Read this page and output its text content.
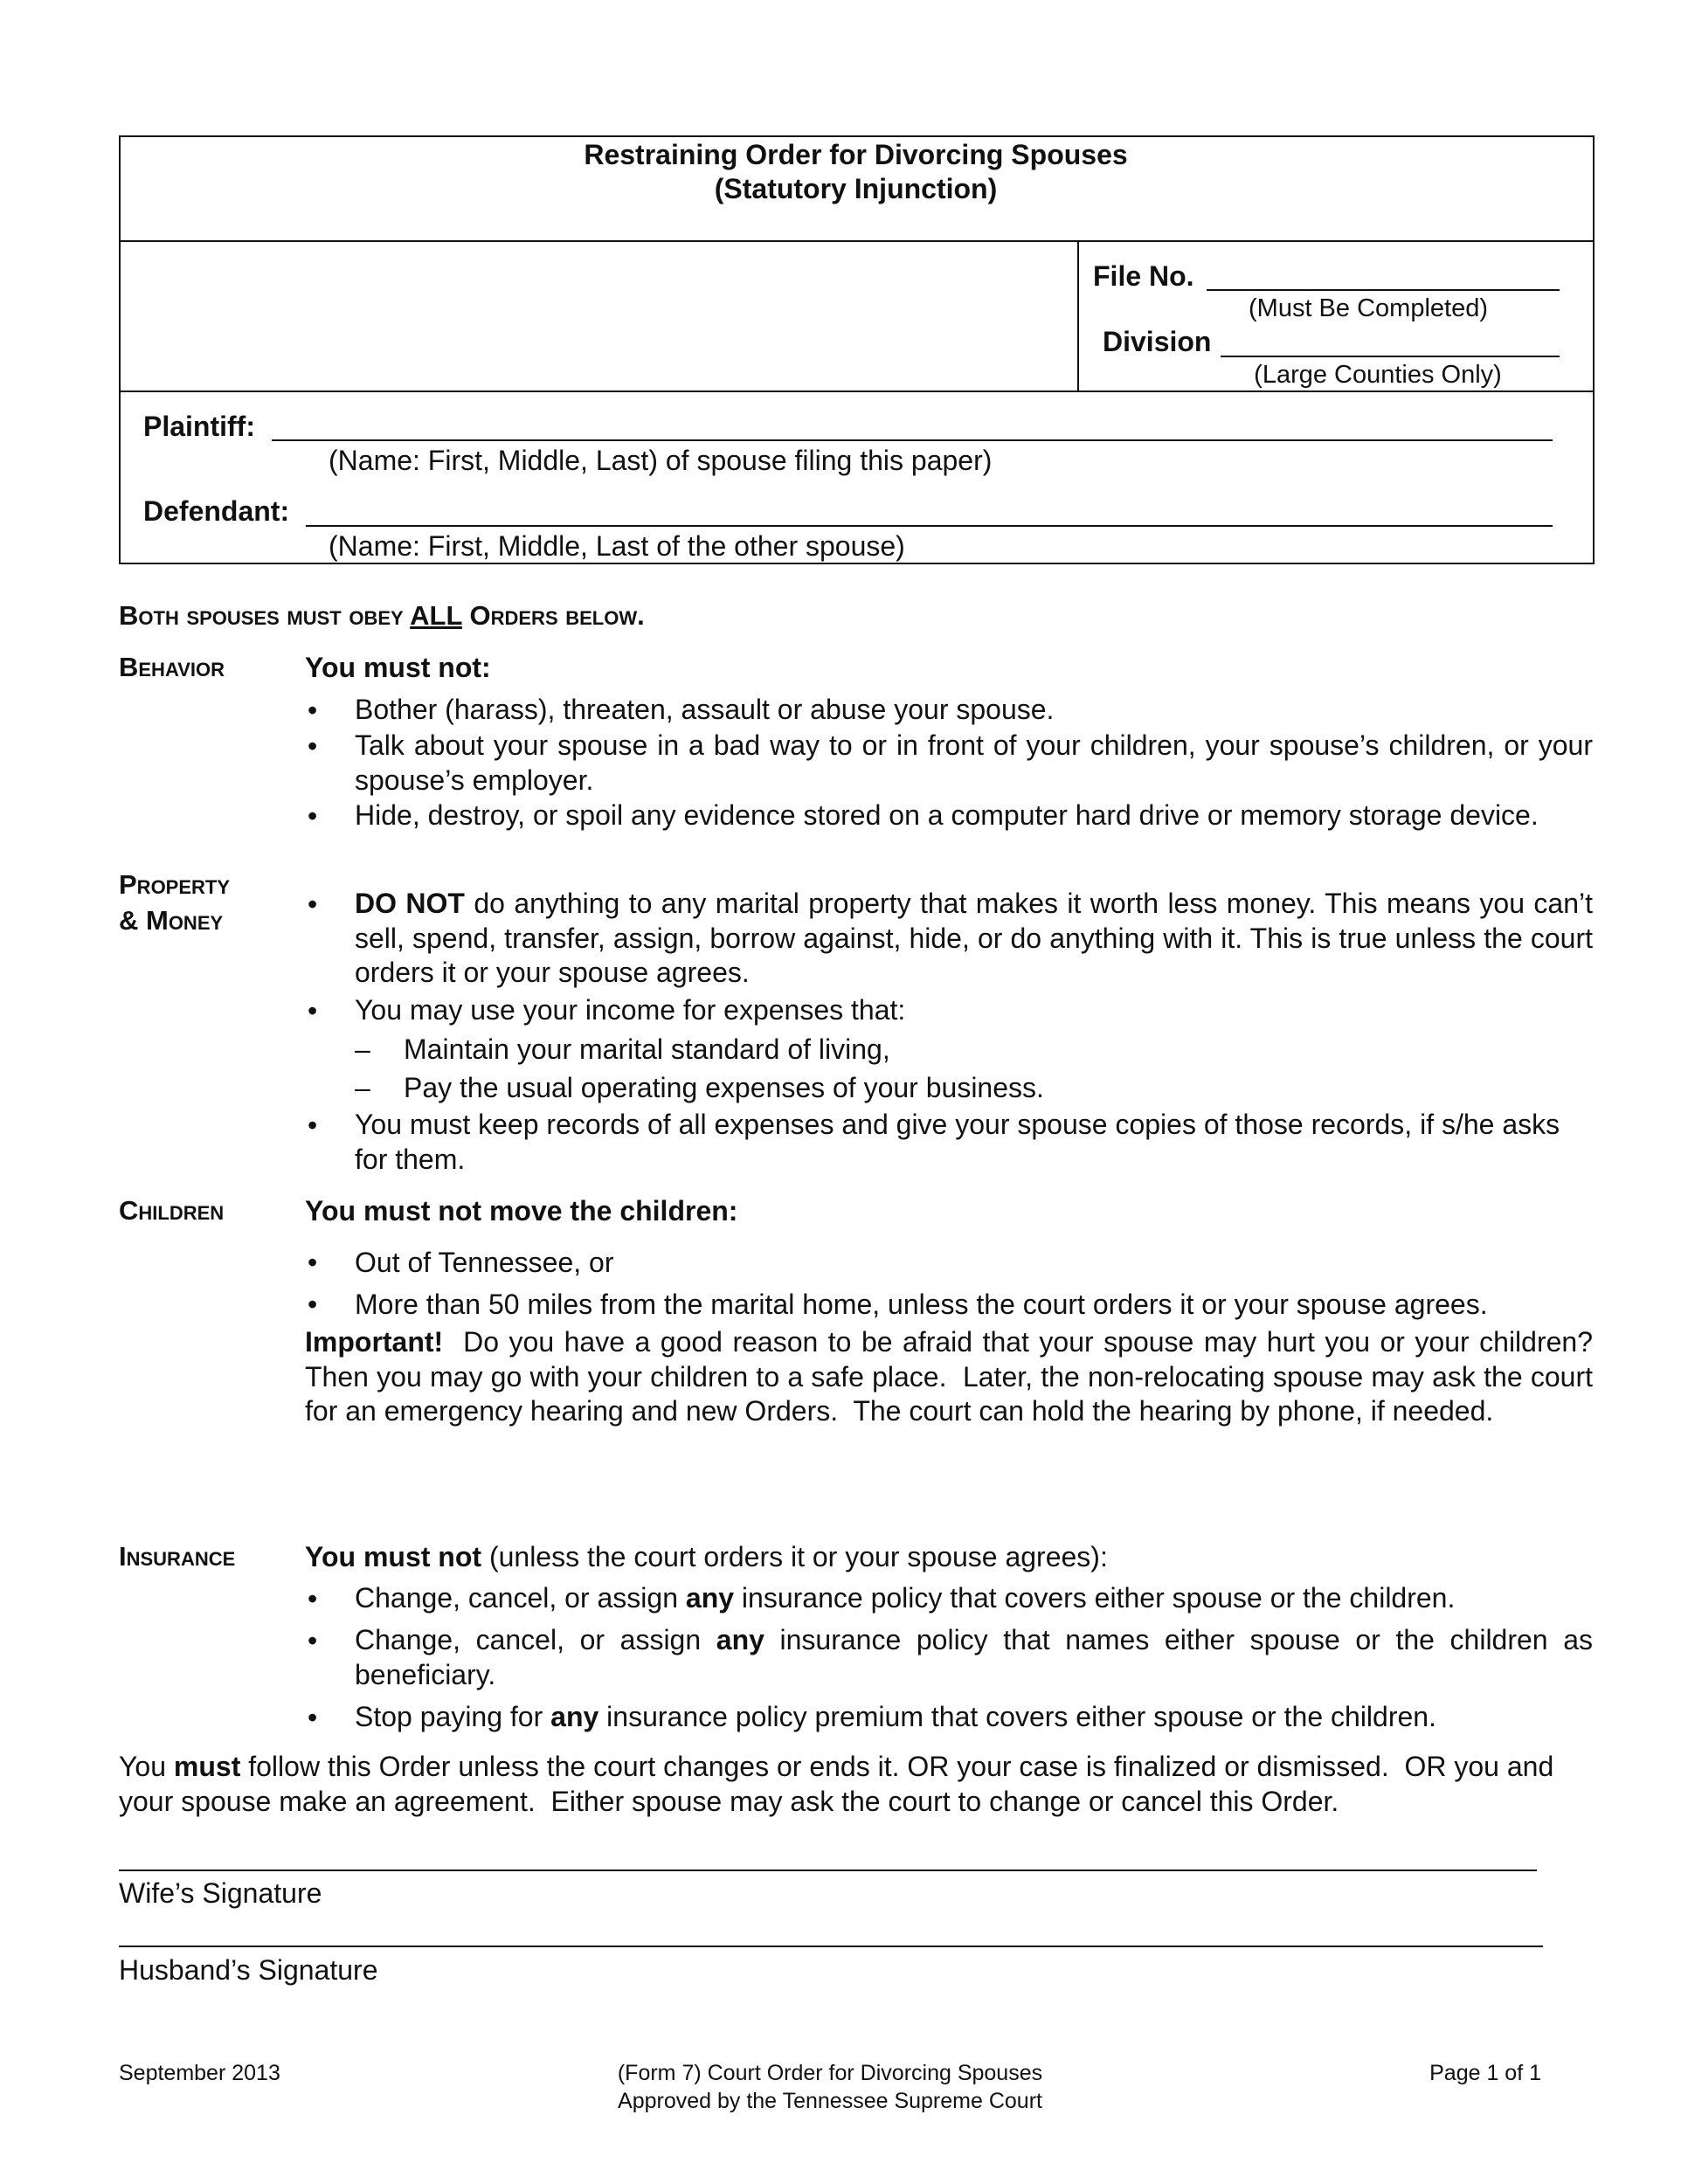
Restraining Order for Divorcing Spouses
(Statutory Injunction)
File No.
(Must Be Completed)
Division
(Large Counties Only)
Plaintiff:
(Name: First, Middle, Last) of spouse filing this paper)
Defendant:
(Name: First, Middle, Last of the other spouse)
Both spouses must obey ALL Orders below.
Behavior	You must not:
• Bother (harass), threaten, assault or abuse your spouse.
• Talk about your spouse in a bad way to or in front of your children, your spouse’s children, or your spouse’s employer.
• Hide, destroy, or spoil any evidence stored on a computer hard drive or memory storage device.
Property
& Money
• DO NOT do anything to any marital property that makes it worth less money. This means you can’t sell, spend, transfer, assign, borrow against, hide, or do anything with it. This is true unless the court orders it or your spouse agrees.
• You may use your income for expenses that:
– Maintain your marital standard of living,
– Pay the usual operating expenses of your business.
• You must keep records of all expenses and give your spouse copies of those records, if s/he asks for them.
Children	You must not move the children:
• Out of Tennessee, or
• More than 50 miles from the marital home, unless the court orders it or your spouse agrees.
Important!  Do you have a good reason to be afraid that your spouse may hurt you or your children? Then you may go with your children to a safe place.  Later, the non-relocating spouse may ask the court for an emergency hearing and new Orders.  The court can hold the hearing by phone, if needed.
Insurance You must not (unless the court orders it or your spouse agrees):
• Change, cancel, or assign any insurance policy that covers either spouse or the children.
• Change, cancel, or assign any insurance policy that names either spouse or the children as beneficiary.
• Stop paying for any insurance policy premium that covers either spouse or the children.
You must follow this Order unless the court changes or ends it. OR your case is finalized or dismissed.  OR you and your spouse make an agreement.  Either spouse may ask the court to change or cancel this Order.
Wife’s Signature
Husband’s Signature
September 2013	(Form 7) Court Order for Divorcing Spouses
Approved by the Tennessee Supreme Court
Page 1 of 1
